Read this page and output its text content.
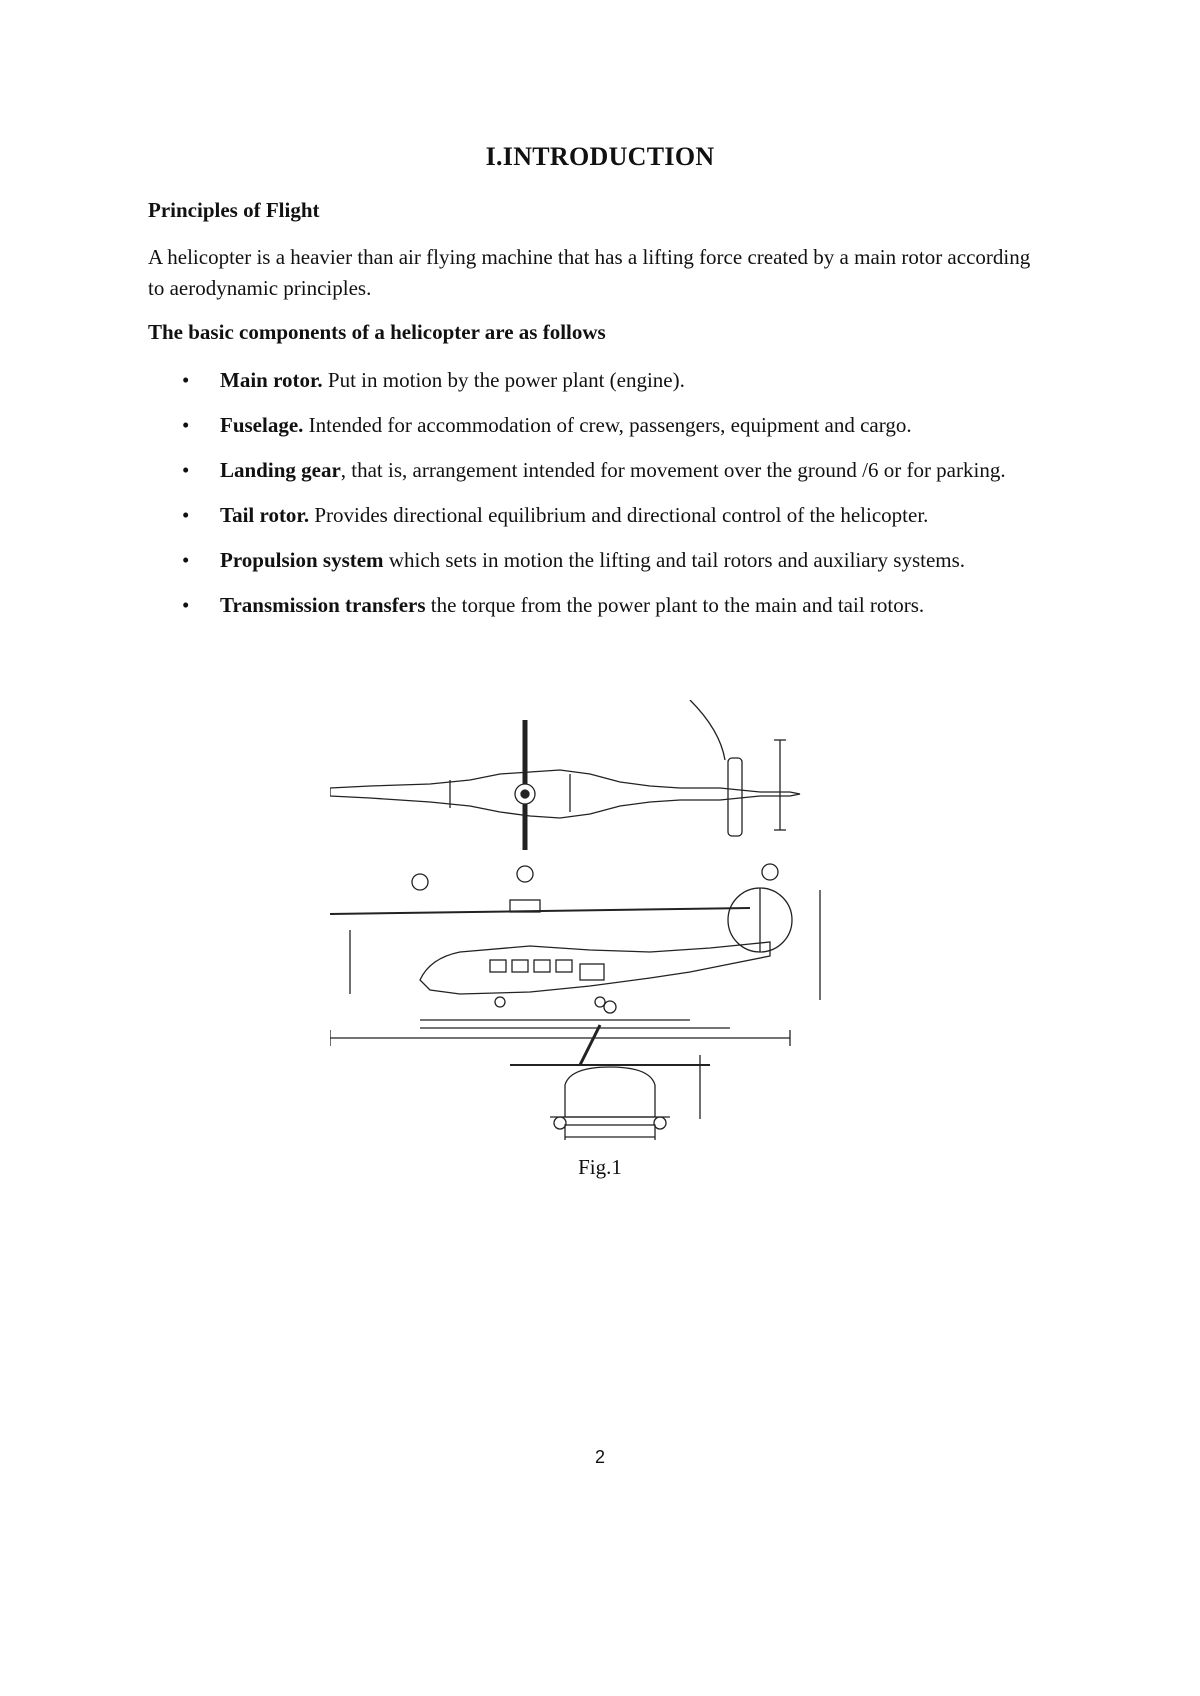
I.INTRODUCTION
Principles of Flight

A helicopter is a heavier than air flying machine that has a lifting force created by a main rotor according to aerodynamic principles.

The basic components of a helicopter are as follows
• Main rotor. Put in motion by the power plant (engine).
• Fuselage. Intended for accommodation of crew, passengers, equipment and cargo.
• Landing gear, that is, arrangement intended for movement over the ground /6 or for parking.
• Tail rotor. Provides directional equilibrium and directional control of the helicopter.
• Propulsion system which sets in motion the lifting and tail rotors and auxiliary systems.
• Transmission transfers the torque from the power plant to the main and tail rotors.

Fig.1

2
